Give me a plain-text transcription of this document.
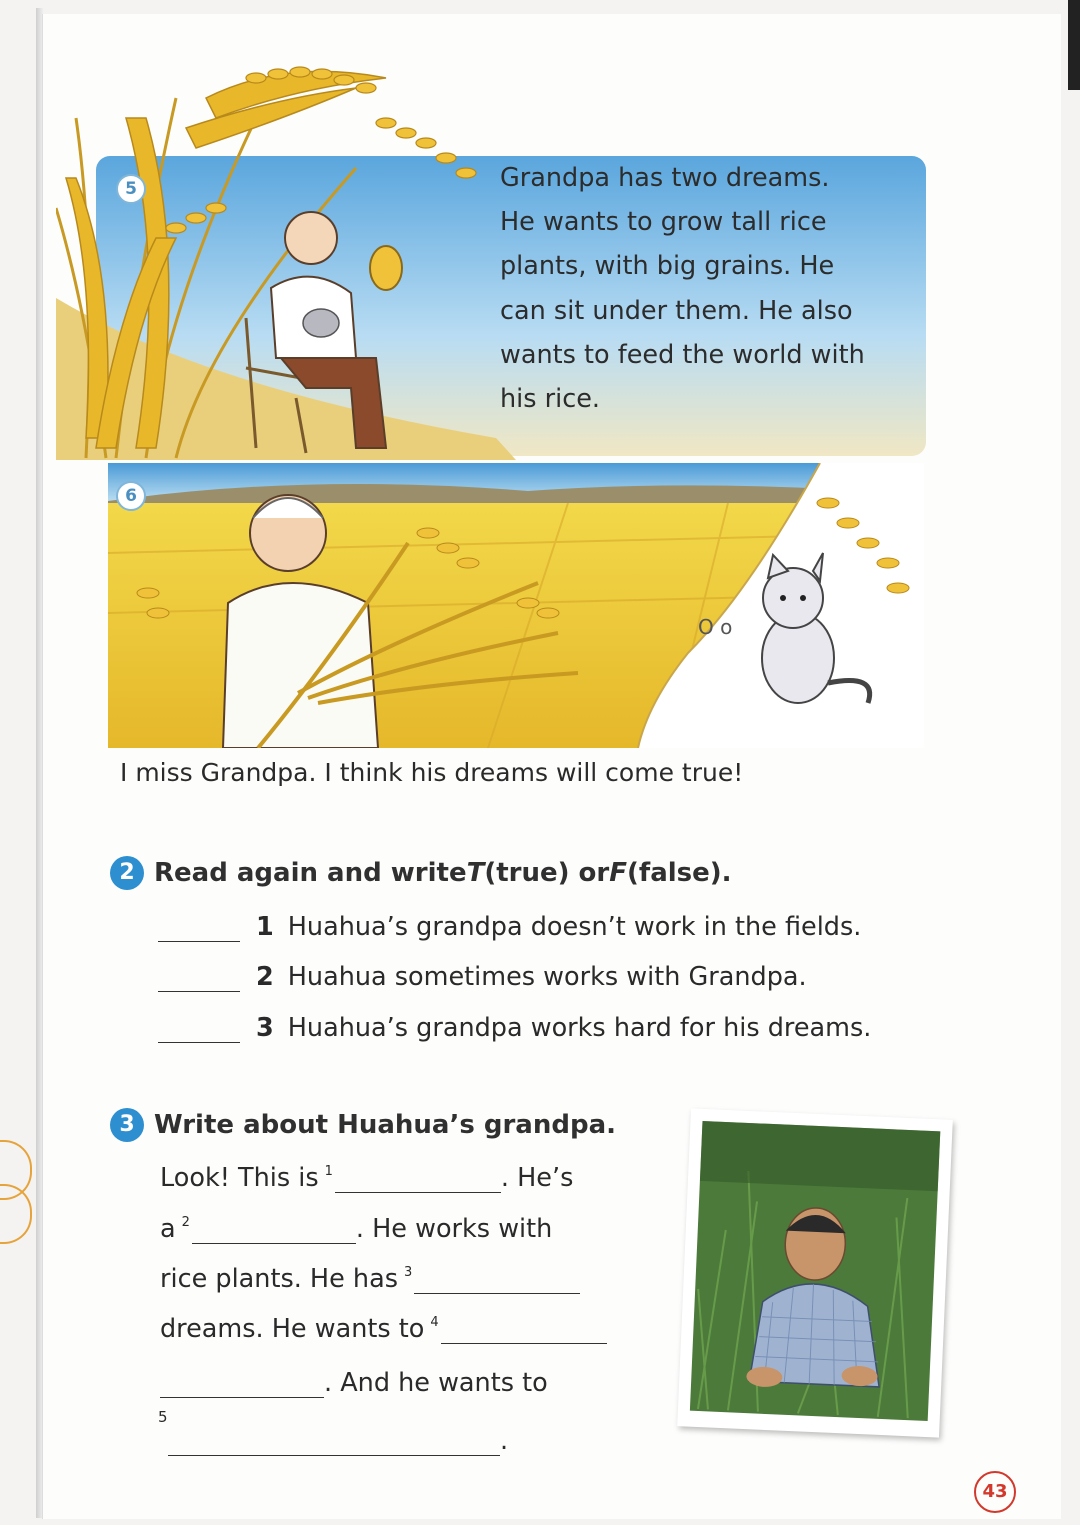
5	Grandpa has two dreams.
He wants to grow tall rice
plants, with big grains. He
can sit under them. He also
wants to feed the world with
his rice.
6
O o
I miss Grandpa. I think his dreams will come true!
2 Read again and write T (true) or F (false).
1 Huahua’s grandpa doesn’t work in the fields.
2 Huahua sometimes works with Grandpa.
3 Huahua’s grandpa works hard for his dreams.
3 Write about Huahua’s grandpa.
Look! This is 1	. He’s
a 2	. He works with
rice plants. He has 3
dreams. He wants to 4
. And he wants to
5
.
43
